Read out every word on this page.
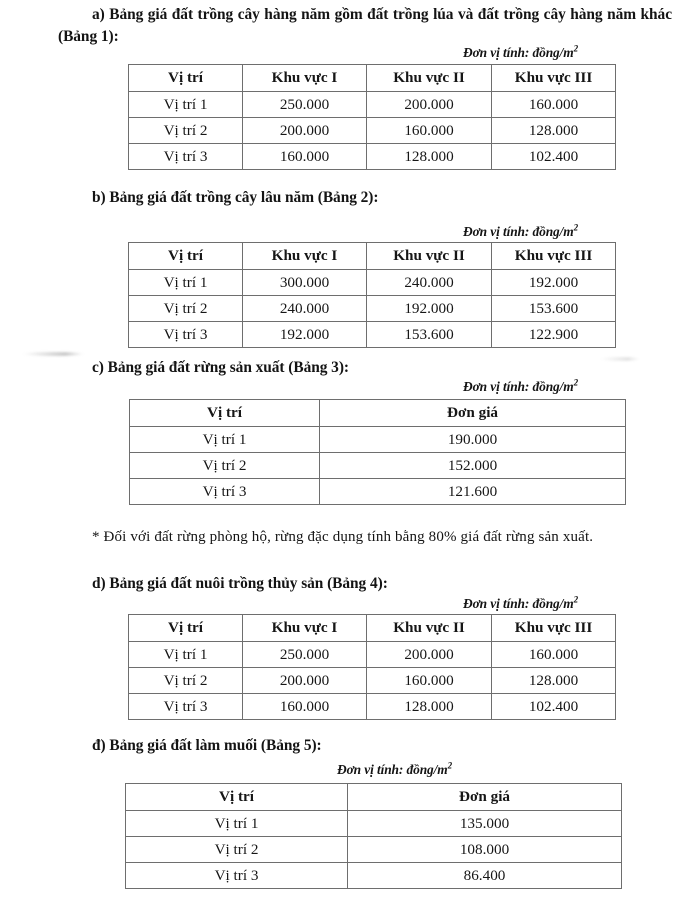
a) Bảng giá đất trồng cây hàng năm gồm đất trồng lúa và đất trồng cây hàng năm khác (Bảng 1):

Đơn vị tính: đồng/$m^2$
Vị trí	Khu vực I	Khu vực II	Khu vực III
Vị trí 1	250.000	200.000	160.000
Vị trí 2	200.000	160.000	128.000
Vị trí 3	160.000	128.000	102.400

b) Bảng giá đất trồng cây lâu năm (Bảng 2):

Đơn vị tính: đồng/$m^2$
Vị trí	Khu vực I	Khu vực II	Khu vực III
Vị trí 1	300.000	240.000	192.000
Vị trí 2	240.000	192.000	153.600
Vị trí 3	192.000	153.600	122.900

c) Bảng giá đất rừng sản xuất (Bảng 3):

Đơn vị tính: đồng/$m^2$
Vị trí	Đơn giá
Vị trí 1	190.000
Vị trí 2	152.000
Vị trí 3	121.600

* Đối với đất rừng phòng hộ, rừng đặc dụng tính bằng 80% giá đất rừng sản xuất.

d) Bảng giá đất nuôi trồng thủy sản (Bảng 4):

Đơn vị tính: đồng/$m^2$
Vị trí	Khu vực I	Khu vực II	Khu vực III
Vị trí 1	250.000	200.000	160.000
Vị trí 2	200.000	160.000	128.000
Vị trí 3	160.000	128.000	102.400

đ) Bảng giá đất làm muối (Bảng 5):

Đơn vị tính: đồng/$m^2$
Vị trí	Đơn giá
Vị trí 1	135.000
Vị trí 2	108.000
Vị trí 3	86.400
